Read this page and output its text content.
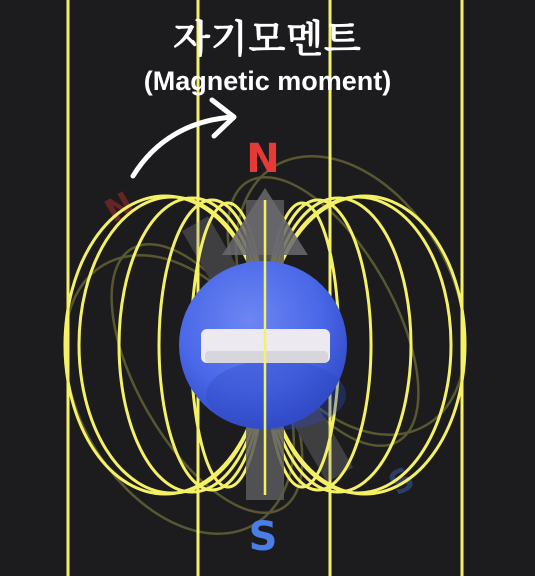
N
S
N
S
자기모멘트
(Magnetic moment)
